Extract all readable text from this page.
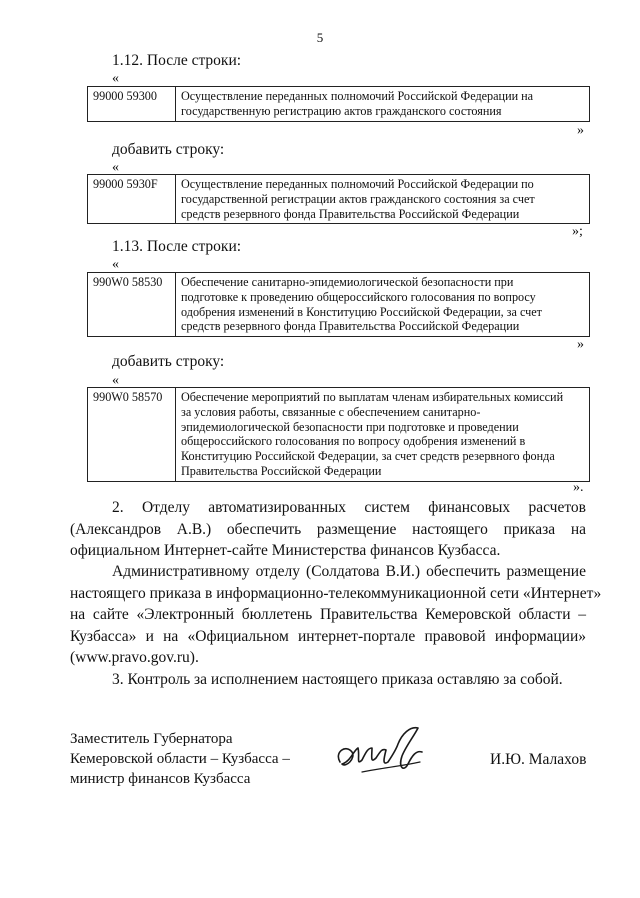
5
1.12. После строки:
«
99000 59300	Осуществление переданных полномочий Российской Федерации на
государственную регистрацию актов гражданского состояния
»
добавить строку:
«
99000 5930F	Осуществление переданных полномочий Российской Федерации по
государственной регистрации актов гражданского состояния за счет
средств резервного фонда Правительства Российской Федерации
»;
1.13. После строки:
«
990W0 58530	Обеспечение санитарно-эпидемиологической безопасности при
подготовке к проведению общероссийского голосования по вопросу
одобрения изменений в Конституцию Российской Федерации, за счет
средств резервного фонда Правительства Российской Федерации
»
добавить строку:
«
990W0 58570	Обеспечение мероприятий по выплатам членам избирательных комиссий
за условия работы, связанные с обеспечением санитарно-
эпидемиологической безопасности при подготовке и проведении
общероссийского голосования по вопросу одобрения изменений в
Конституцию Российской Федерации, за счет средств резервного фонда
Правительства Российской Федерации
».
2. Отделу автоматизированных систем финансовых расчетов
(Александров А.В.) обеспечить размещение настоящего приказа на
официальном Интернет-сайте Министерства финансов Кузбасса.
Административному отделу (Солдатова В.И.) обеспечить размещение
настоящего приказа в информационно-телекоммуникационной сети «Интернет»
на сайте «Электронный бюллетень Правительства Кемеровской области –
Кузбасса» и на «Официальном интернет-портале правовой информации»
(www.pravo.gov.ru).
3. Контроль за исполнением настоящего приказа оставляю за собой.
Заместитель Губернатора
Кемеровской области – Кузбасса –
министр финансов Кузбасса
И.Ю. Малахов
